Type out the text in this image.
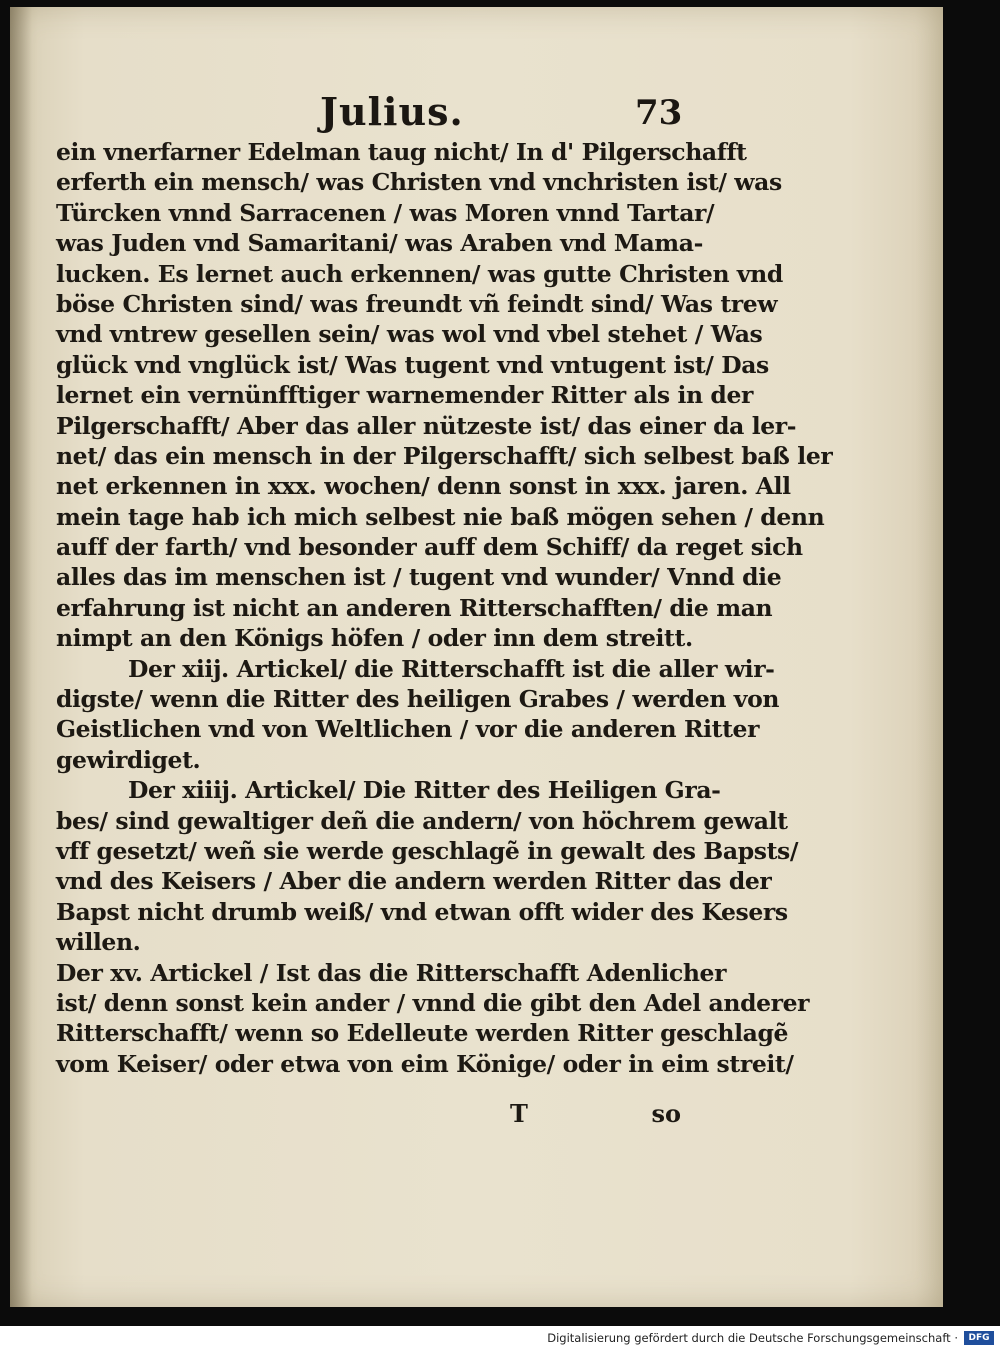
Julius.	73
ein vnerfarner Edelman taug nicht/ In d' Pilgerschafft
erferth ein mensch/ was Christen vnd vnchristen ist/ was
Türcken vnnd Sarracenen / was Moren vnnd Tartar/
was Juden vnd Samaritani/ was Araben vnd Mama-
lucken. Es lernet auch erkennen/ was gutte Christen vnd
böse Christen sind/ was freundt vñ feindt sind/ Was trew
vnd vntrew gesellen sein/ was wol vnd vbel stehet / Was
glück vnd vnglück ist/ Was tugent vnd vntugent ist/ Das
lernet ein vernünfftiger warnemender Ritter als in der
Pilgerschafft/ Aber das aller nützeste ist/ das einer da ler-
net/ das ein mensch in der Pilgerschafft/ sich selbest baß ler
net erkennen in xxx. wochen/ denn sonst in xxx. jaren. All
mein tage hab ich mich selbest nie baß mögen sehen / denn
auff der farth/ vnd besonder auff dem Schiff/ da reget sich
alles das im menschen ist / tugent vnd wunder/ Vnnd die
erfahrung ist nicht an anderen Ritterschafften/ die man
nimpt an den Königs höfen / oder inn dem streitt.
Der xiij. Artickel/ die Ritterschafft ist die aller wir-
digste/ wenn die Ritter des heiligen Grabes / werden von
Geistlichen vnd von Weltlichen / vor die anderen Ritter
gewirdiget.
Der xiiij. Artickel/ Die Ritter des Heiligen Gra-
bes/ sind gewaltiger deñ die andern/ von höchrem gewalt
vff gesetzt/ weñ sie werde geschlagẽ in gewalt des Bapsts/
vnd des Keisers / Aber die andern werden Ritter das der
Bapst nicht drumb weiß/ vnd etwan offt wider des Kesers
willen.
Der xv. Artickel / Ist das die Ritterschafft Adenlicher
ist/ denn sonst kein ander / vnnd die gibt den Adel anderer
Ritterschafft/ wenn so Edelleute werden Ritter geschlagẽ
vom Keiser/ oder etwa von eim Könige/ oder in eim streit/
T	so
Digitalisierung gefördert durch die Deutsche Forschungsgemeinschaft ·	DFG
